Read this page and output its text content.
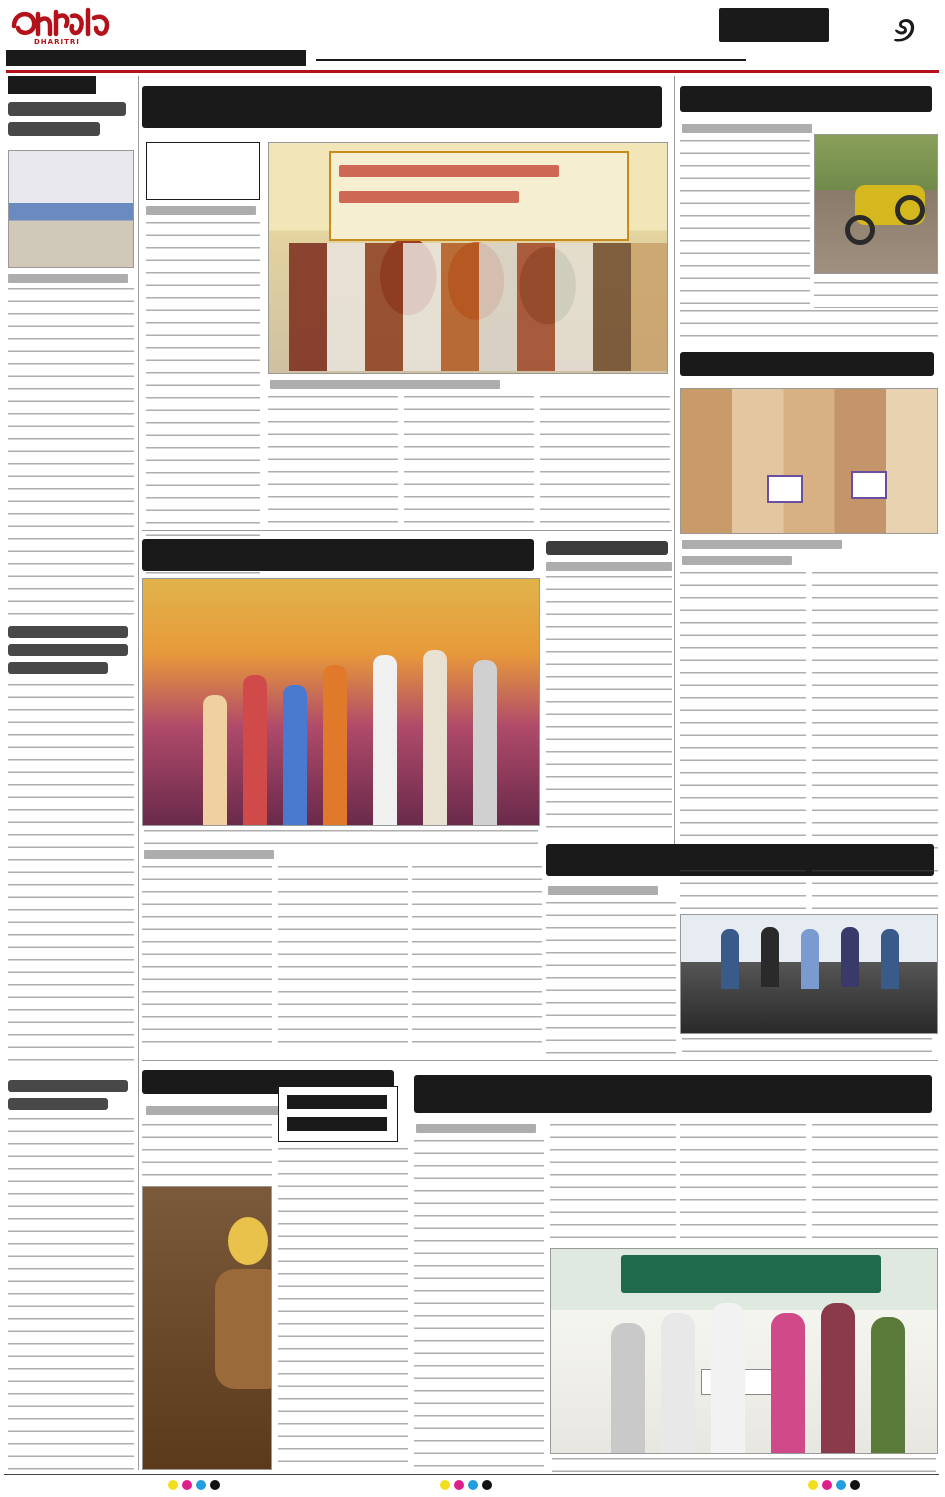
DHARITRI	୬
